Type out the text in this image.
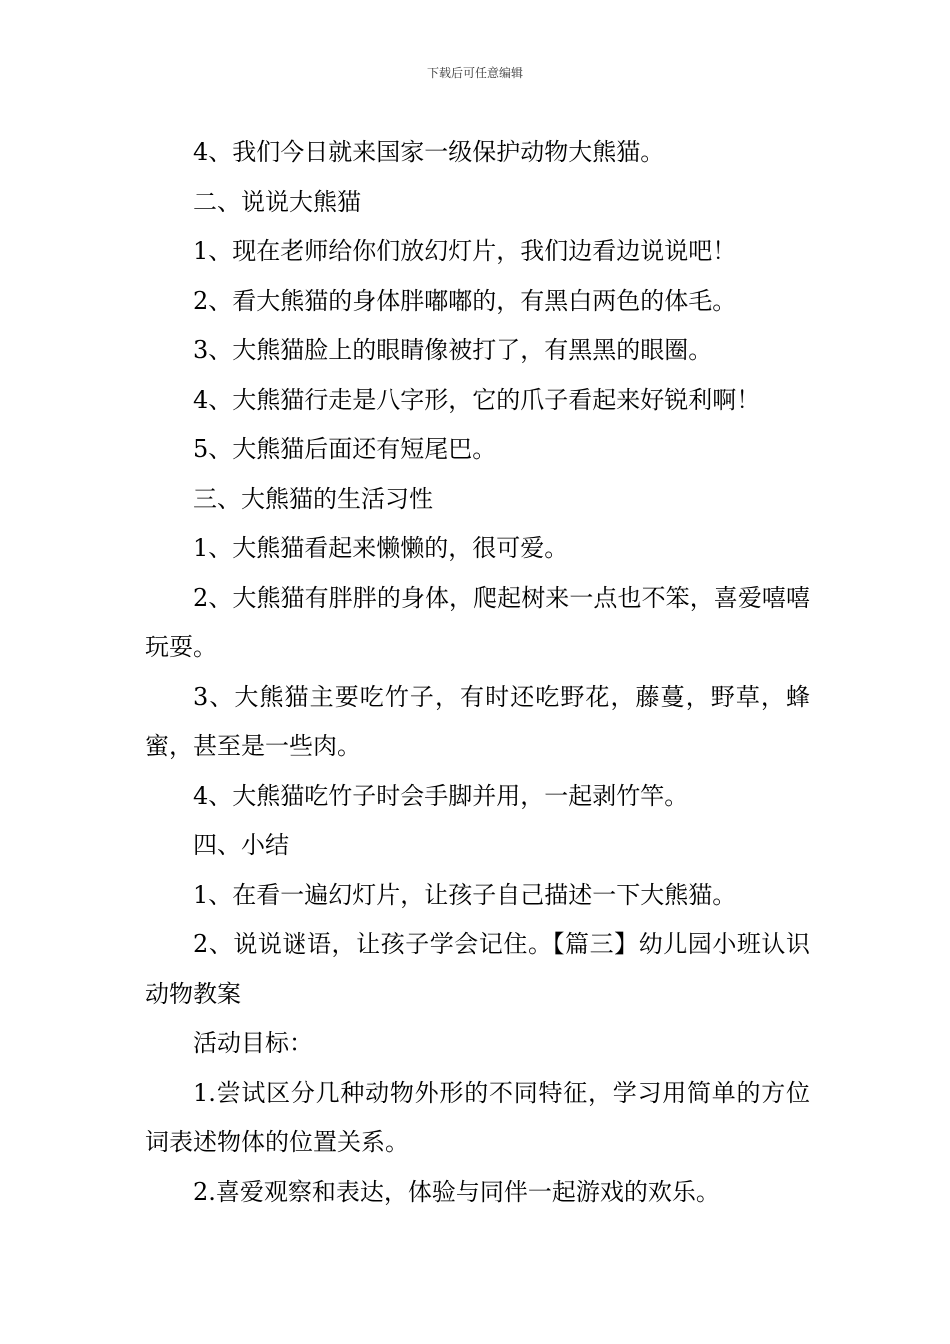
下载后可任意编辑

4、我们今日就来国家一级保护动物大熊猫。

二、说说大熊猫

1、现在老师给你们放幻灯片，我们边看边说说吧！

2、看大熊猫的身体胖嘟嘟的，有黑白两色的体毛。

3、大熊猫脸上的眼睛像被打了，有黑黑的眼圈。

4、大熊猫行走是八字形，它的爪子看起来好锐利啊！

5、大熊猫后面还有短尾巴。

三、大熊猫的生活习性

1、大熊猫看起来懒懒的，很可爱。

2、大熊猫有胖胖的身体，爬起树来一点也不笨，喜爱嘻嘻玩耍。

3、大熊猫主要吃竹子，有时还吃野花，藤蔓，野草，蜂蜜，甚至是一些肉。

4、大熊猫吃竹子时会手脚并用，一起剥竹竿。

四、小结

1、在看一遍幻灯片，让孩子自己描述一下大熊猫。

2、说说谜语，让孩子学会记住。【篇三】幼儿园小班认识动物教案

活动目标：

1.尝试区分几种动物外形的不同特征，学习用简单的方位词表述物体的位置关系。

2.喜爱观察和表达，体验与同伴一起游戏的欢乐。
